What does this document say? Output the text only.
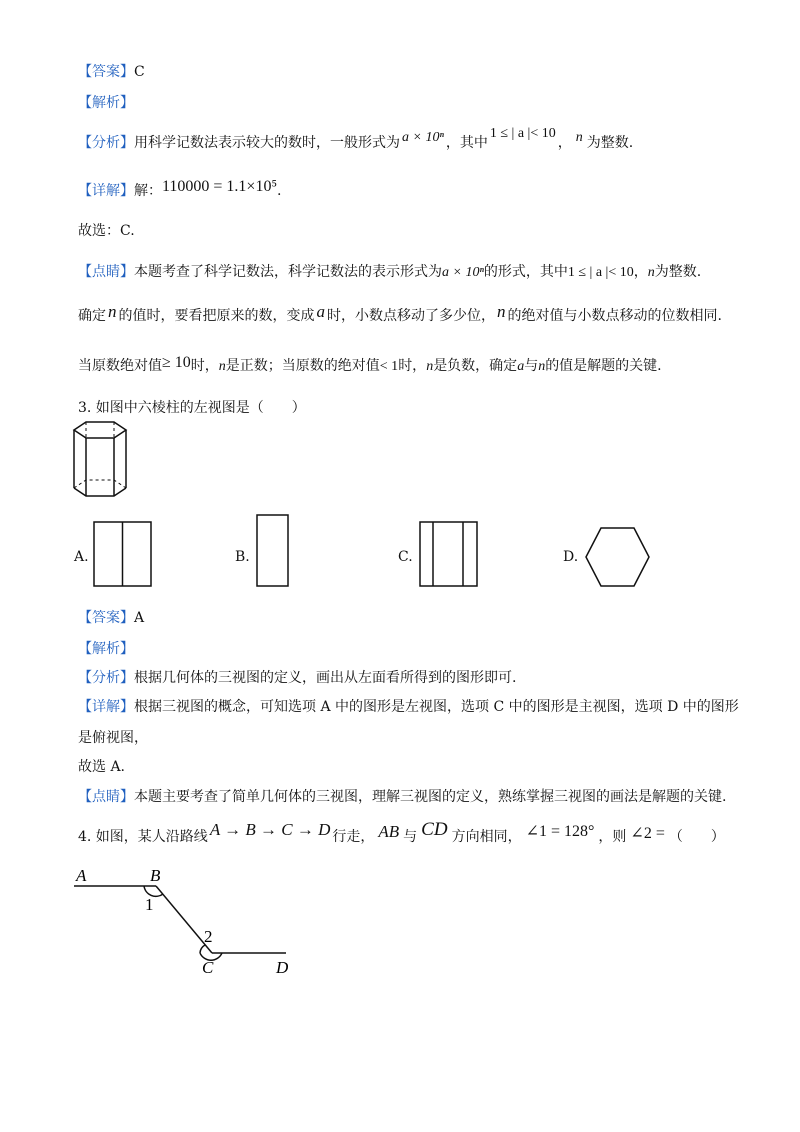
【答案】C
【解析】
【分析】用科学记数法表示较大的数时，一般形式为 a × 10ⁿ ，其中1 ≤ | a |< 10， n 为整数.
【详解】解：110000 = 1.1×10⁵.
故选：C.
【点睛】本题考查了科学记数法，科学记数法的表示形式为a × 10ⁿ的形式，其中1 ≤ | a |< 10，n为整数.
确定 n 的值时，要看把原来的数，变成 a 时，小数点移动了多少位， n 的绝对值与小数点移动的位数相同.
当原数绝对值≥ 10时，n是正数；当原数的绝对值< 1时，n是负数，确定a与n的值是解题的关键.
3. 如图中六棱柱的左视图是（　　）
A.	B.	C.	D.
【答案】A
【解析】
【分析】根据几何体的三视图的定义，画出从左面看所得到的图形即可.
【详解】根据三视图的概念，可知选项 A 中的图形是左视图，选项 C 中的图形是主视图，选项 D 中的图形
是俯视图，
故选 A.
【点睛】本题主要考查了简单几何体的三视图，理解三视图的定义，熟练掌握三视图的画法是解题的关键.
4. 如图，某人沿路线 A → B → C → D 行走， AB 与 CD 方向相同， ∠1 = 128° ，则 ∠2 = （　　）
A	B
1
2
C	D
